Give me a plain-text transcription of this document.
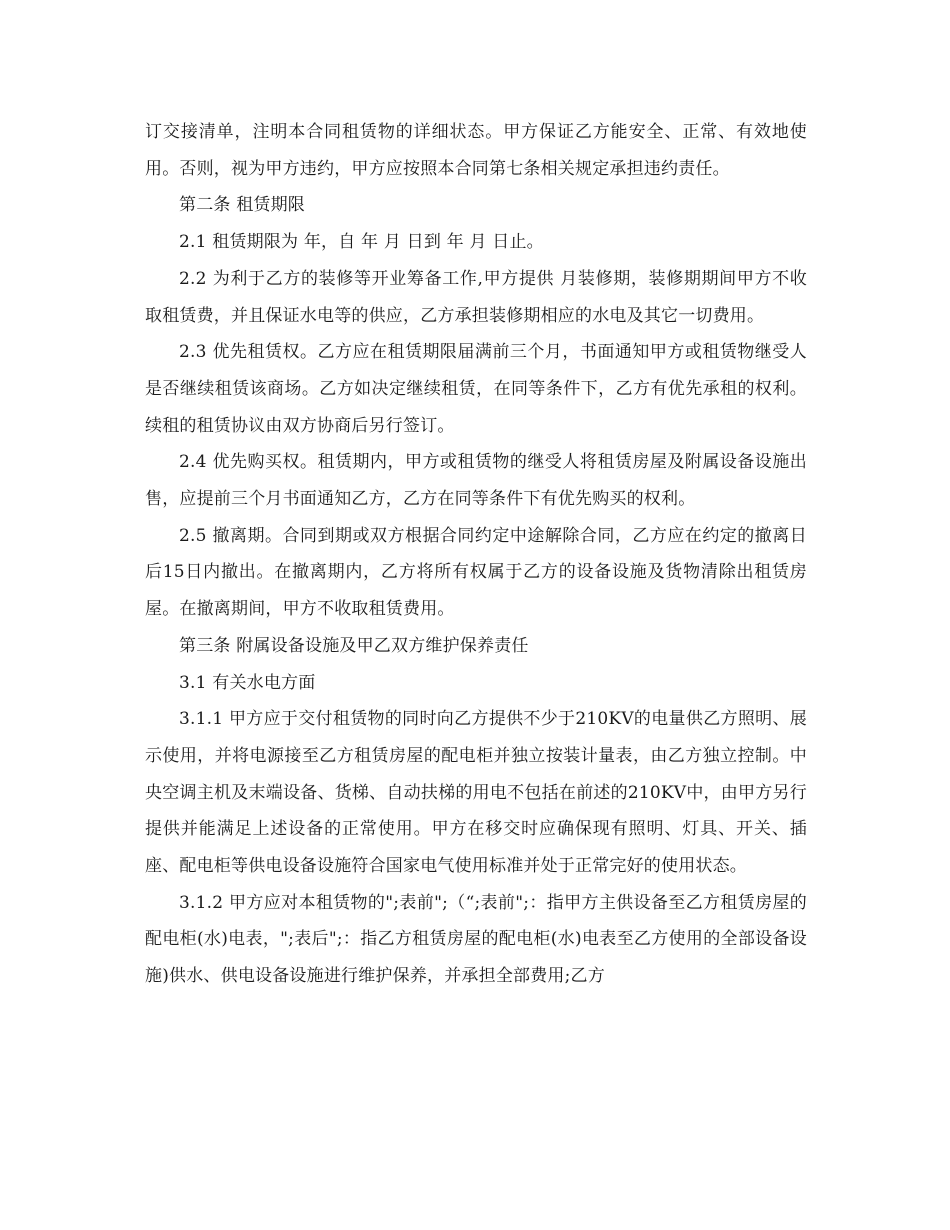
订交接清单，注明本合同租赁物的详细状态。甲方保证乙方能安全、正常、有效地使用。否则，视为甲方违约，甲方应按照本合同第七条相关规定承担违约责任。

第二条 租赁期限

2.1 租赁期限为 年，自 年 月 日到 年 月 日止。

2.2 为利于乙方的装修等开业筹备工作,甲方提供 月装修期，装修期期间甲方不收取租赁费，并且保证水电等的供应，乙方承担装修期相应的水电及其它一切费用。

2.3 优先租赁权。乙方应在租赁期限届满前三个月，书面通知甲方或租赁物继受人是否继续租赁该商场。乙方如决定继续租赁，在同等条件下，乙方有优先承租的权利。续租的租赁协议由双方协商后另行签订。

2.4 优先购买权。租赁期内，甲方或租赁物的继受人将租赁房屋及附属设备设施出售，应提前三个月书面通知乙方，乙方在同等条件下有优先购买的权利。

2.5 撤离期。合同到期或双方根据合同约定中途解除合同，乙方应在约定的撤离日后15日内撤出。在撤离期内，乙方将所有权属于乙方的设备设施及货物清除出租赁房屋。在撤离期间，甲方不收取租赁费用。

第三条 附属设备设施及甲乙双方维护保养责任

3.1 有关水电方面

3.1.1 甲方应于交付租赁物的同时向乙方提供不少于210KV的电量供乙方照明、展示使用，并将电源接至乙方租赁房屋的配电柜并独立按装计量表，由乙方独立控制。中央空调主机及末端设备、货梯、自动扶梯的用电不包括在前述的210KV中，由甲方另行提供并能满足上述设备的正常使用。甲方在移交时应确保现有照明、灯具、开关、插座、配电柜等供电设备设施符合国家电气使用标准并处于正常完好的使用状态。

3.1.2 甲方应对本租赁物的";表前";（“;表前";：指甲方主供设备至乙方租赁房屋的配电柜(水)电表，";表后";：指乙方租赁房屋的配电柜(水)电表至乙方使用的全部设备设施)供水、供电设备设施进行维护保养，并承担全部费用;乙方
